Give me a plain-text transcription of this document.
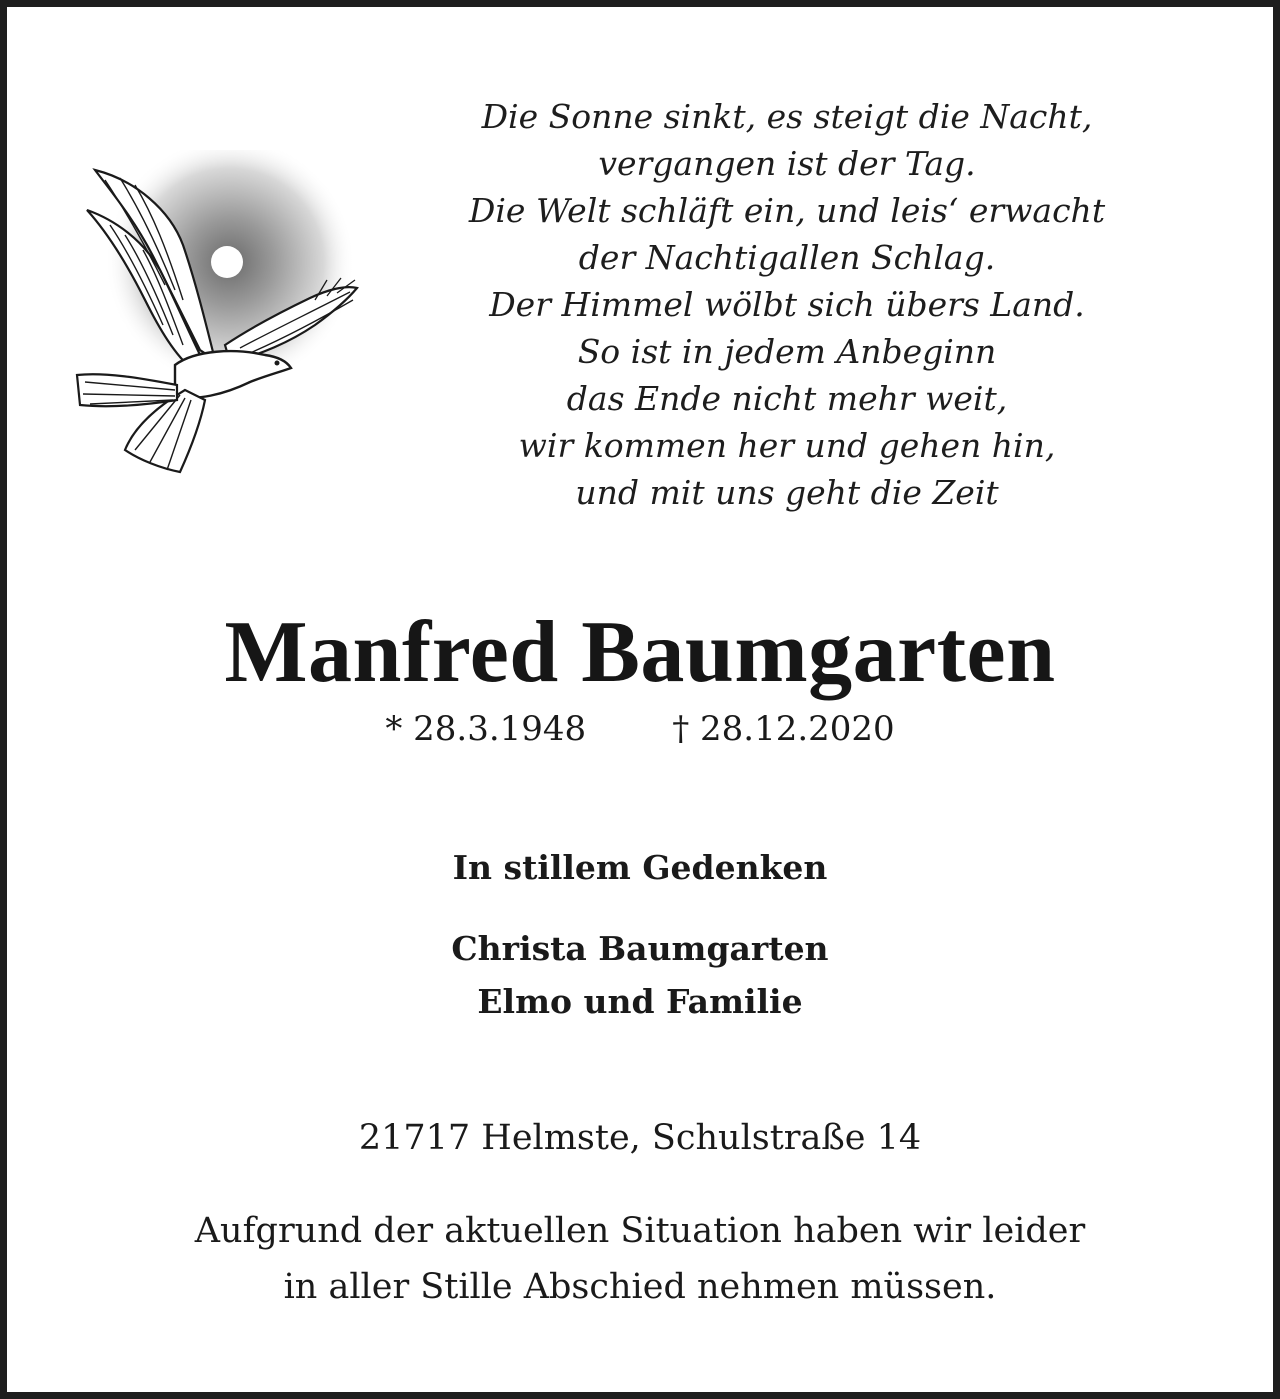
Die Sonne sinkt, es steigt die Nacht,
vergangen ist der Tag.
Die Welt schläft ein, und leis‘ erwacht
der Nachtigallen Schlag.
Der Himmel wölbt sich übers Land.
So ist in jedem Anbeginn
das Ende nicht mehr weit,
wir kommen her und gehen hin,
und mit uns geht die Zeit
Manfred Baumgarten
* 28.3.1948	† 28.12.2020
In stillem Gedenken
Christa Baumgarten
Elmo und Familie
21717 Helmste, Schulstraße 14
Aufgrund der aktuellen Situation haben wir leider
in aller Stille Abschied nehmen müssen.
